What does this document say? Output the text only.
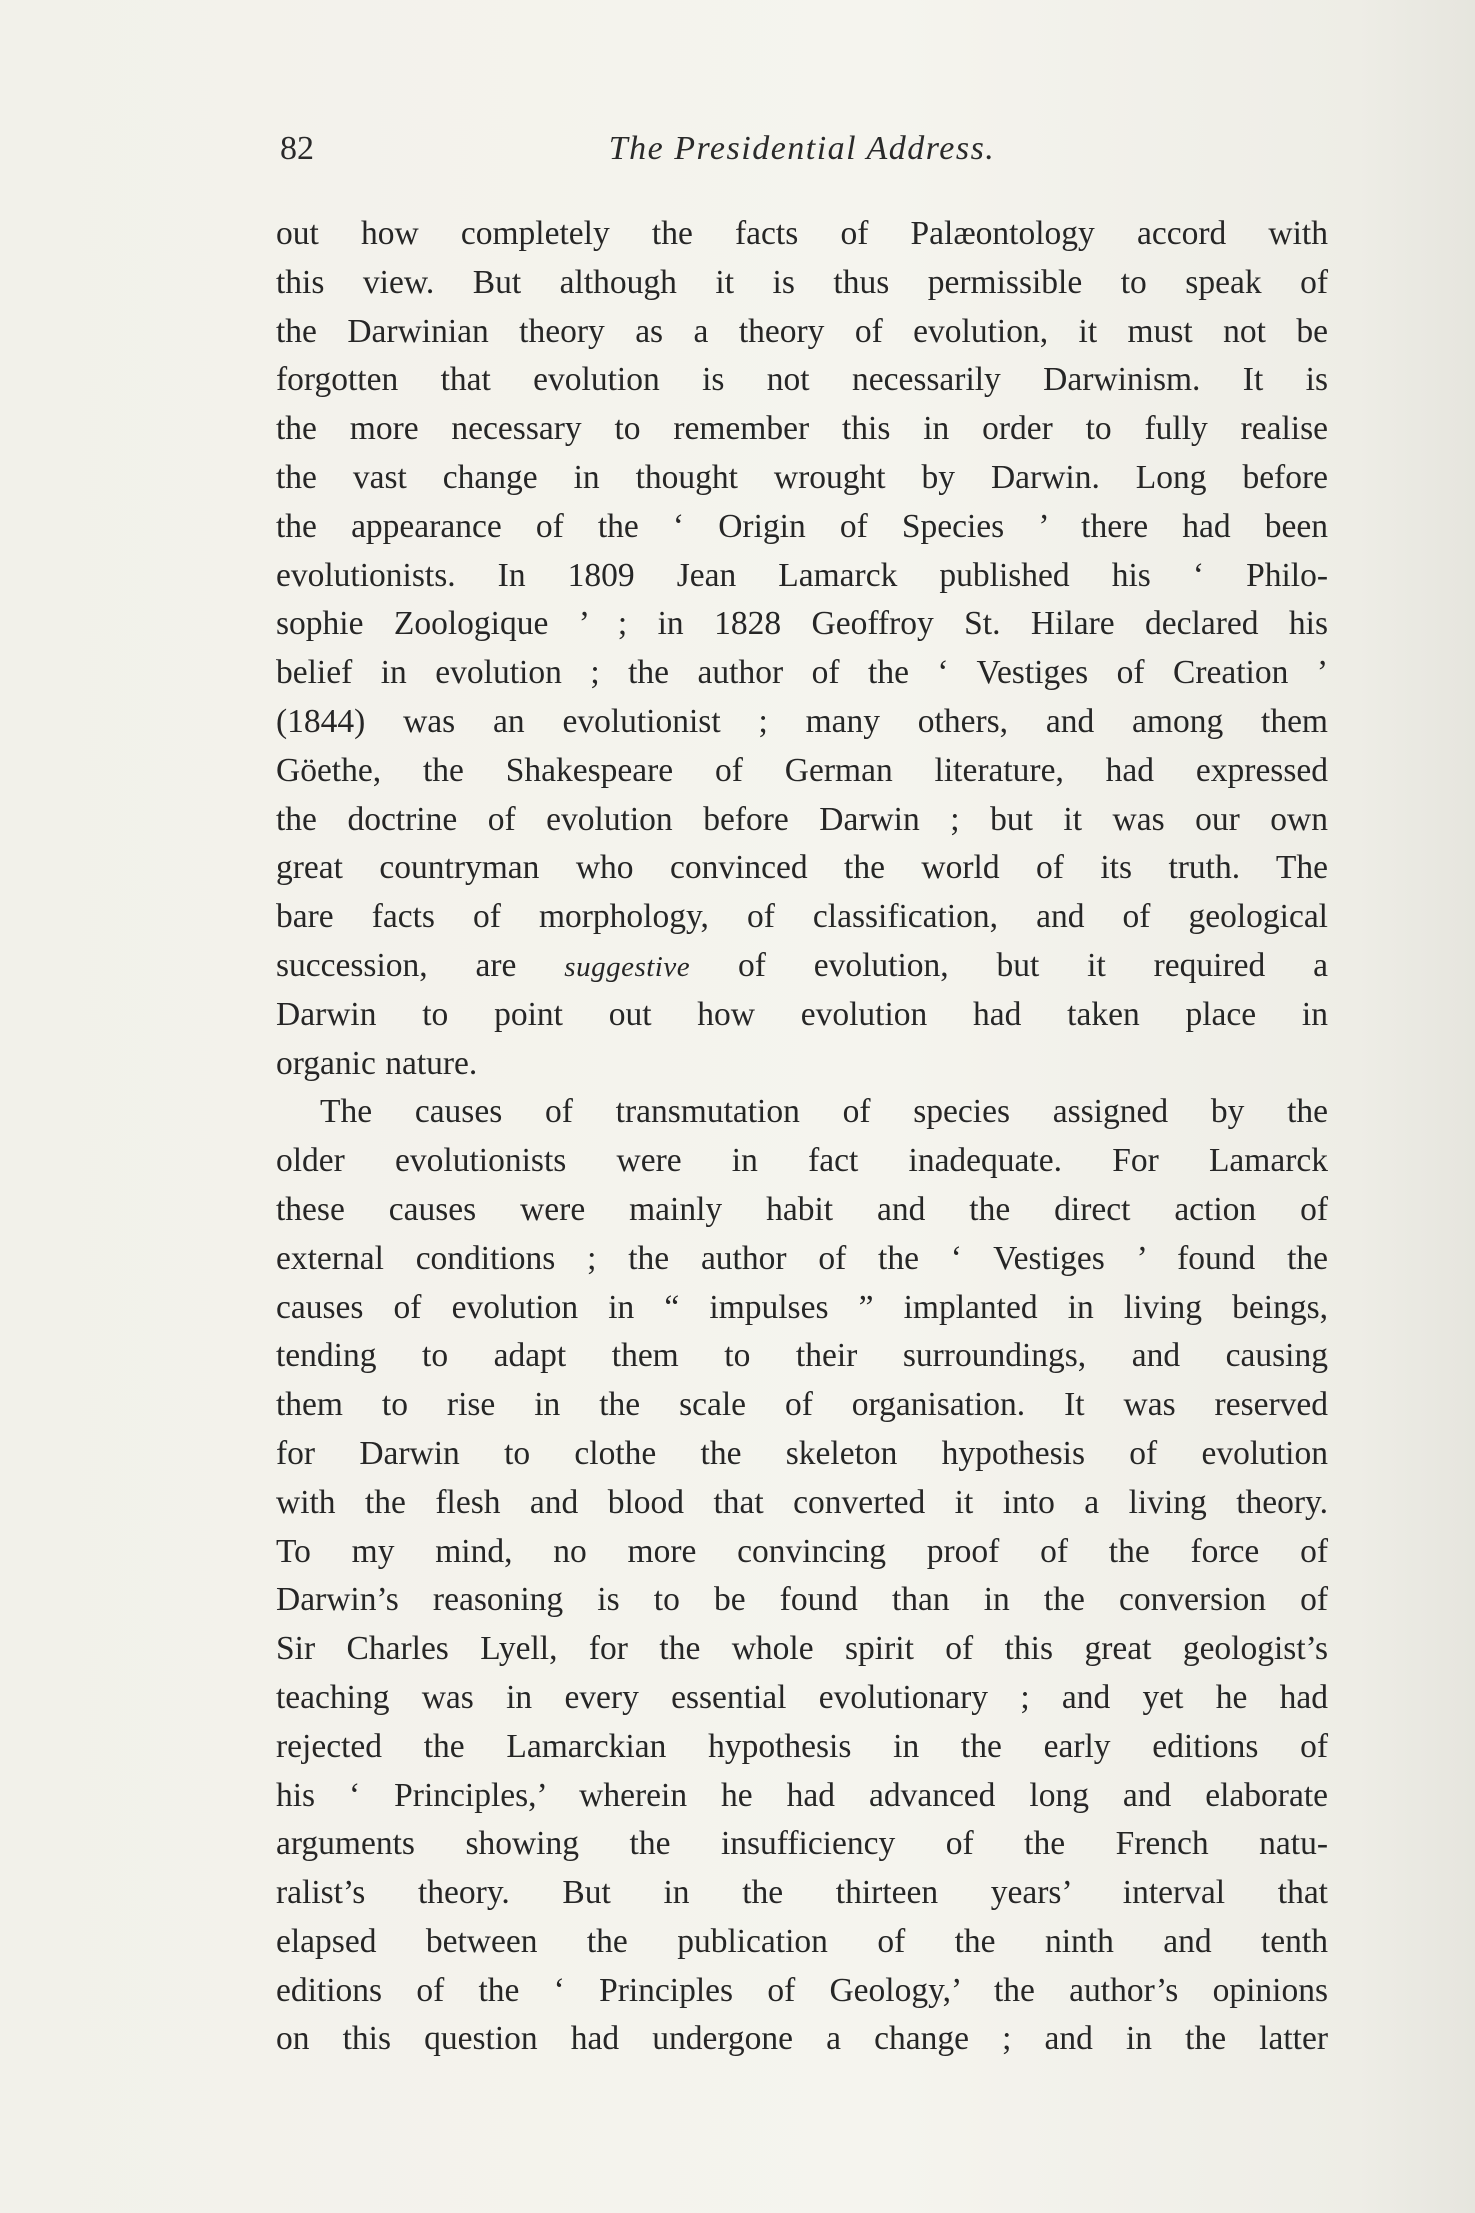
82	The Presidential Address.
out how completely the facts of Palæontology accord with
this view. But although it is thus permissible to speak of
the Darwinian theory as a theory of evolution, it must not be
forgotten that evolution is not necessarily Darwinism. It is
the more necessary to remember this in order to fully realise
the vast change in thought wrought by Darwin. Long before
the appearance of the ‘ Origin of Species ’ there had been
evolutionists. In 1809 Jean Lamarck published his ‘ Philo-
sophie Zoologique ’ ; in 1828 Geoffroy St. Hilare declared his
belief in evolution ; the author of the ‘ Vestiges of Creation ’
(1844) was an evolutionist ; many others, and among them
Göethe, the Shakespeare of German literature, had expressed
the doctrine of evolution before Darwin ; but it was our own
great countryman who convinced the world of its truth. The
bare facts of morphology, of classification, and of geological
succession, are suggestive of evolution, but it required a
Darwin to point out how evolution had taken place in
organic nature.
The causes of transmutation of species assigned by the
older evolutionists were in fact inadequate. For Lamarck
these causes were mainly habit and the direct action of
external conditions ; the author of the ‘ Vestiges ’ found the
causes of evolution in “ impulses ” implanted in living beings,
tending to adapt them to their surroundings, and causing
them to rise in the scale of organisation. It was reserved
for Darwin to clothe the skeleton hypothesis of evolution
with the flesh and blood that converted it into a living theory.
To my mind, no more convincing proof of the force of
Darwin’s reasoning is to be found than in the conversion of
Sir Charles Lyell, for the whole spirit of this great geologist’s
teaching was in every essential evolutionary ; and yet he had
rejected the Lamarckian hypothesis in the early editions of
his ‘ Principles,’ wherein he had advanced long and elaborate
arguments showing the insufficiency of the French natu-
ralist’s theory. But in the thirteen years’ interval that
elapsed between the publication of the ninth and tenth
editions of the ‘ Principles of Geology,’ the author’s opinions
on this question had undergone a change ; and in the latter
